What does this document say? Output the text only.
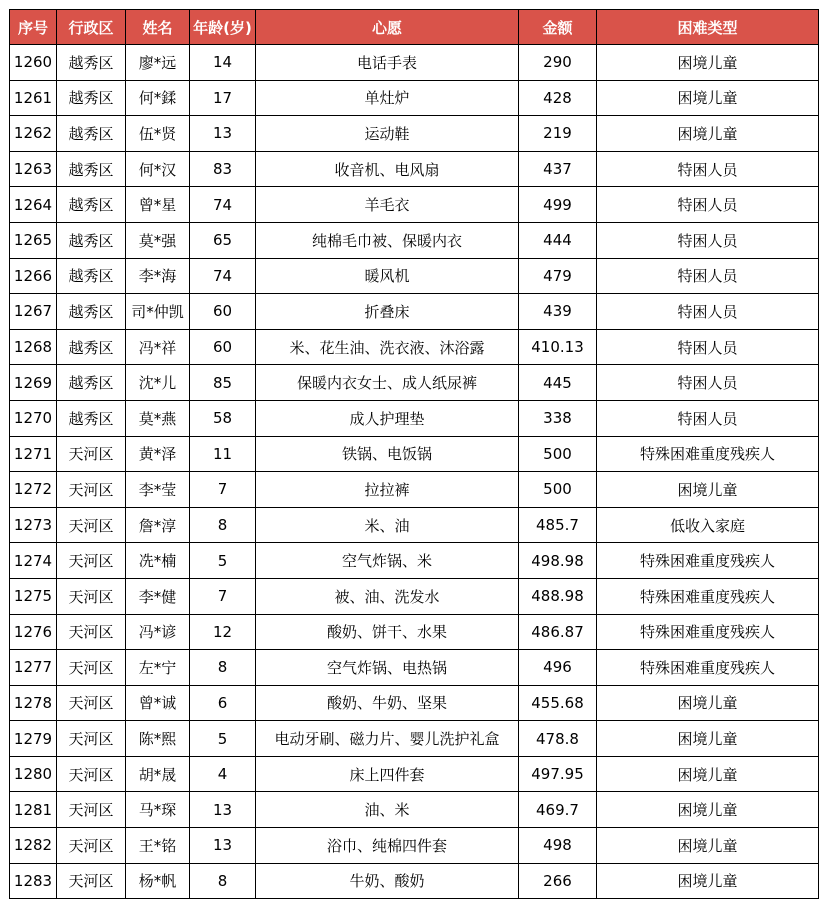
序号	行政区	姓名	年龄(岁)	心愿	金额	困难类型
1260	越秀区	廖*远	14	电话手表	290	困境儿童
1261	越秀区	何*鍒	17	单灶炉	428	困境儿童
1262	越秀区	伍*贤	13	运动鞋	219	困境儿童
1263	越秀区	何*汉	83	收音机、电风扇	437	特困人员
1264	越秀区	曾*星	74	羊毛衣	499	特困人员
1265	越秀区	莫*强	65	纯棉毛巾被、保暖内衣	444	特困人员
1266	越秀区	李*海	74	暖风机	479	特困人员
1267	越秀区	司*仲凯	60	折叠床	439	特困人员
1268	越秀区	冯*祥	60	米、花生油、洗衣液、沐浴露	410.13	特困人员
1269	越秀区	沈*儿	85	保暖内衣女士、成人纸尿裤	445	特困人员
1270	越秀区	莫*燕	58	成人护理垫	338	特困人员
1271	天河区	黄*泽	11	铁锅、电饭锅	500	特殊困难重度残疾人
1272	天河区	李*莹	7	拉拉裤	500	困境儿童
1273	天河区	詹*淳	8	米、油	485.7	低收入家庭
1274	天河区	冼*楠	5	空气炸锅、米	498.98	特殊困难重度残疾人
1275	天河区	李*健	7	被、油、洗发水	488.98	特殊困难重度残疾人
1276	天河区	冯*谚	12	酸奶、饼干、水果	486.87	特殊困难重度残疾人
1277	天河区	左*宁	8	空气炸锅、电热锅	496	特殊困难重度残疾人
1278	天河区	曾*诚	6	酸奶、牛奶、坚果	455.68	困境儿童
1279	天河区	陈*熙	5	电动牙刷、磁力片、婴儿洗护礼盒	478.8	困境儿童
1280	天河区	胡*晟	4	床上四件套	497.95	困境儿童
1281	天河区	马*琛	13	油、米	469.7	困境儿童
1282	天河区	王*铭	13	浴巾、纯棉四件套	498	困境儿童
1283	天河区	杨*帆	8	牛奶、酸奶	266	困境儿童
